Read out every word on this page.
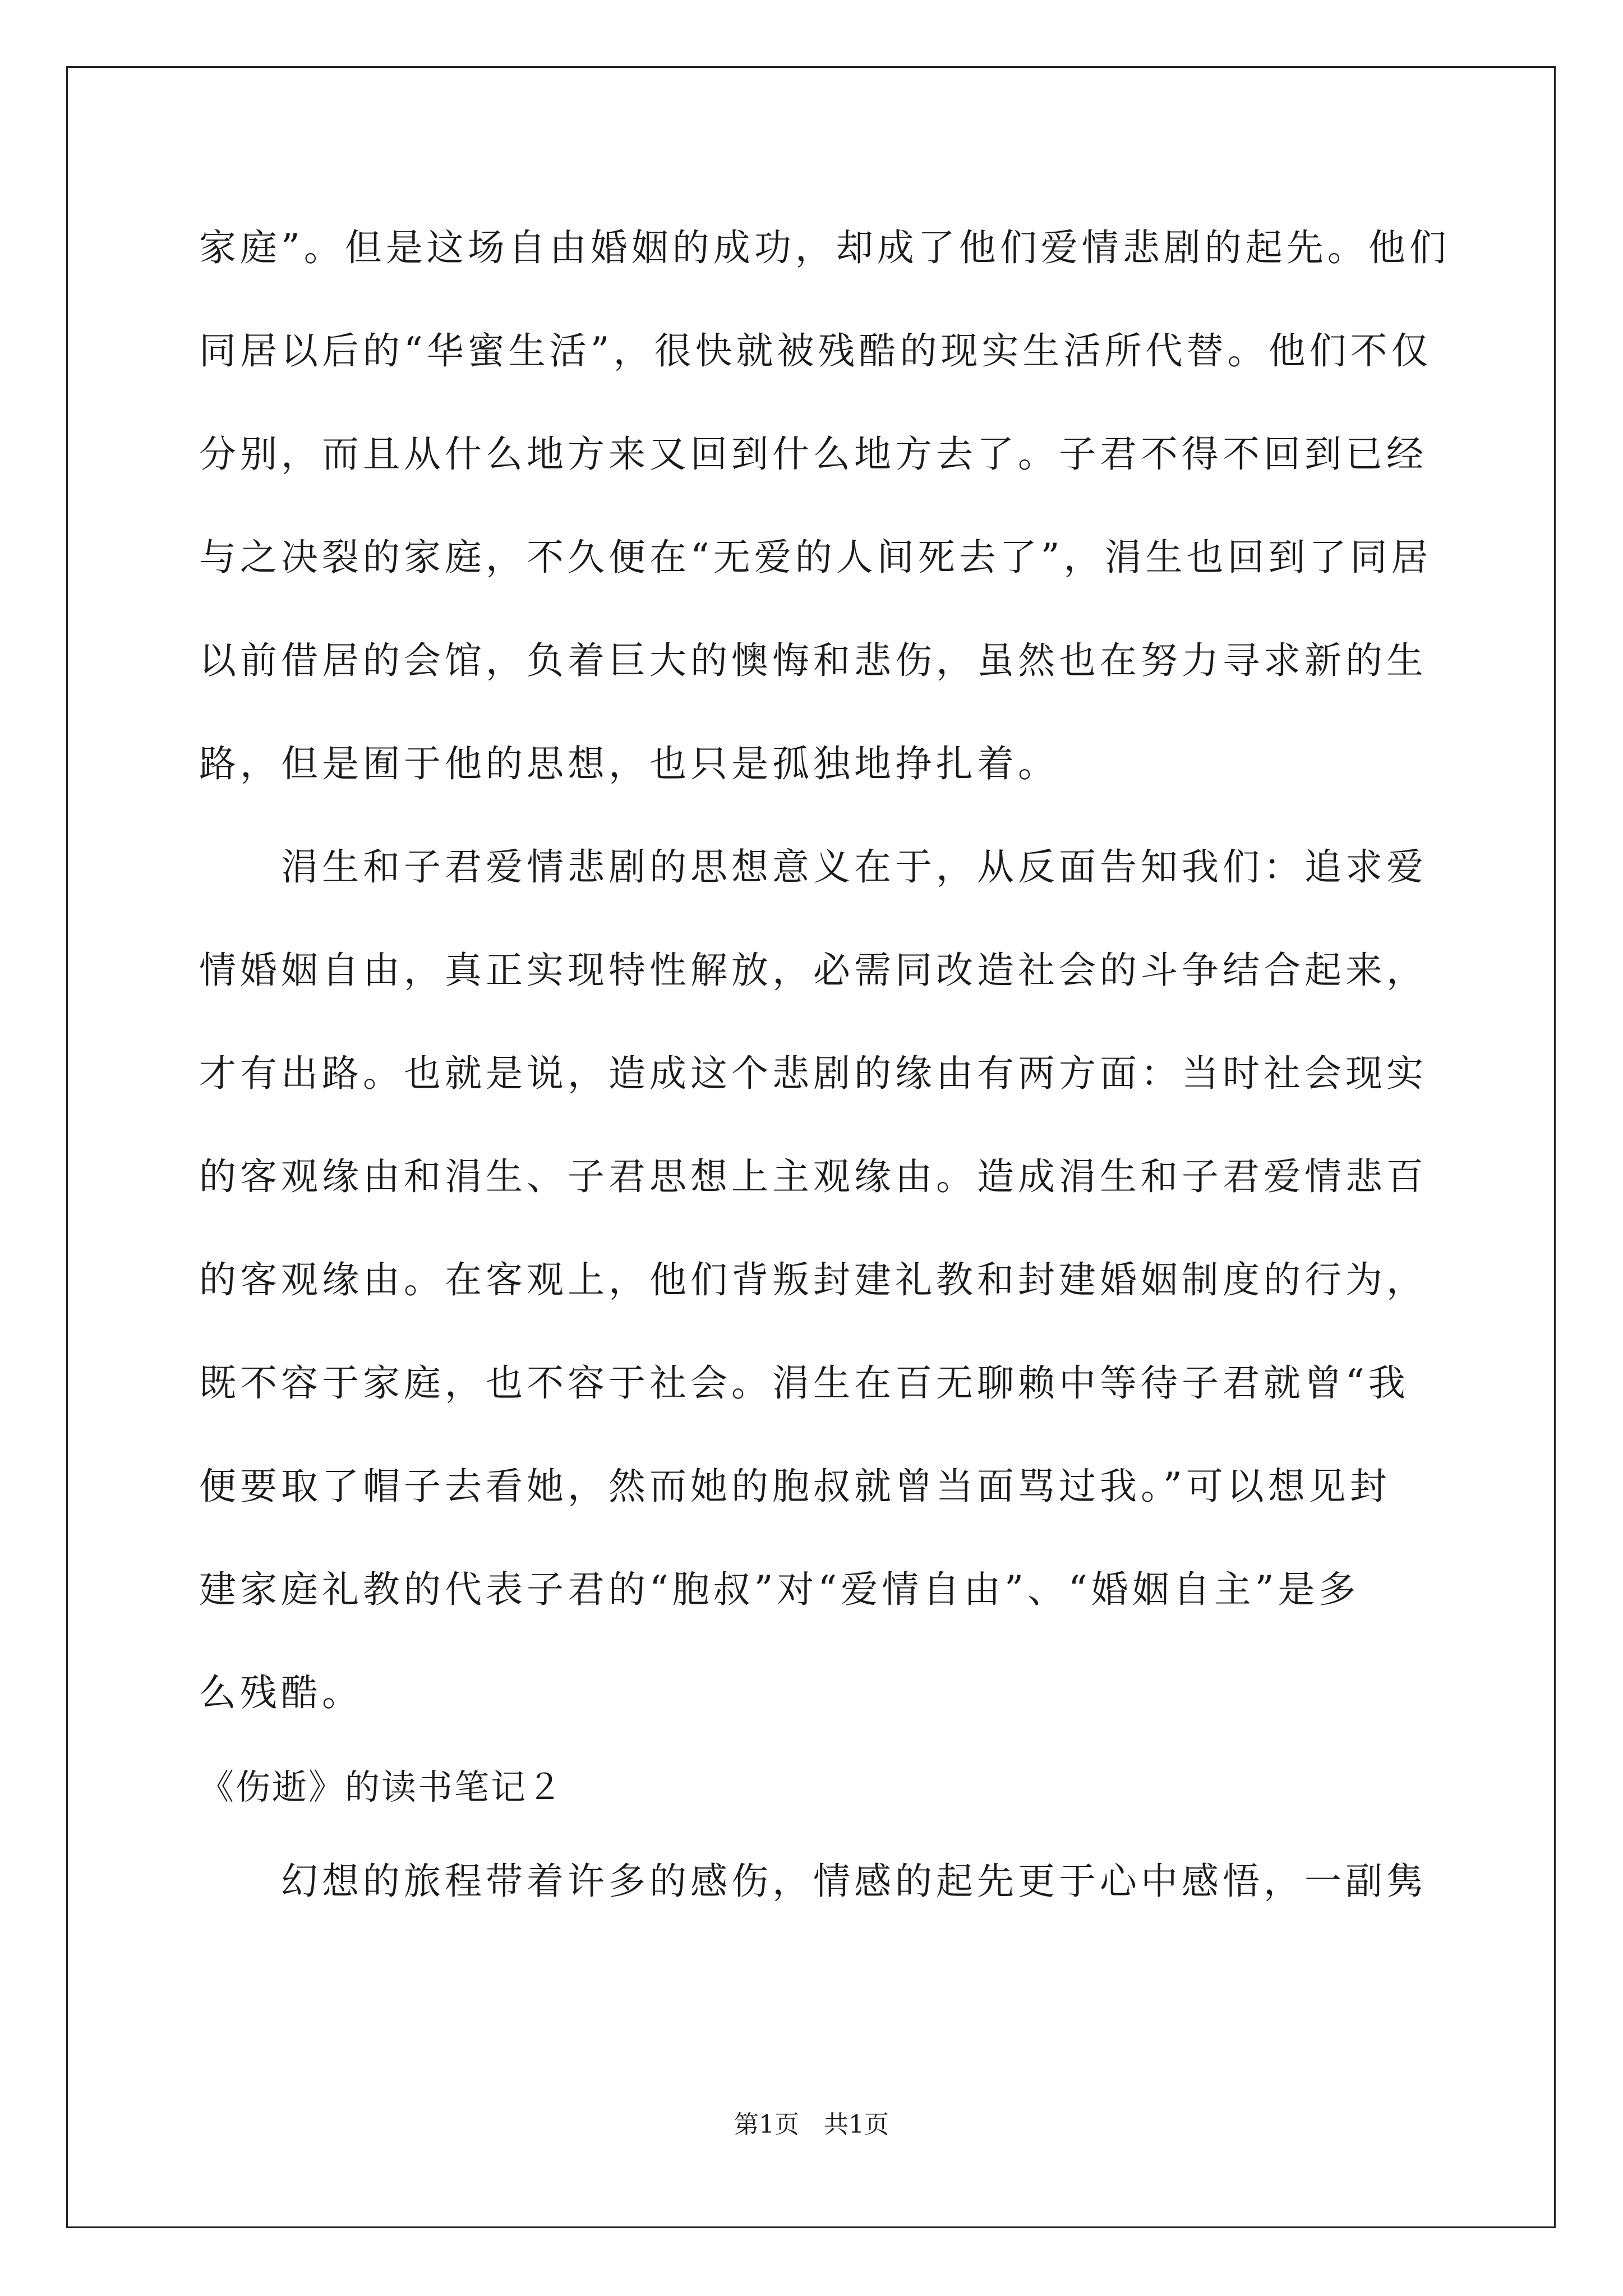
家庭”。但是这场自由婚姻的成功，却成了他们爱情悲剧的起先。他们
同居以后的“华蜜生活”，很快就被残酷的现实生活所代替。他们不仅
分别，而且从什么地方来又回到什么地方去了。子君不得不回到已经
与之决裂的家庭，不久便在“无爱的人间死去了”，涓生也回到了同居
以前借居的会馆，负着巨大的懊悔和悲伤，虽然也在努力寻求新的生
路，但是囿于他的思想，也只是孤独地挣扎着。
　　涓生和子君爱情悲剧的思想意义在于，从反面告知我们：追求爱
情婚姻自由，真正实现特性解放，必需同改造社会的斗争结合起来，
才有出路。也就是说，造成这个悲剧的缘由有两方面：当时社会现实
的客观缘由和涓生、子君思想上主观缘由。造成涓生和子君爱情悲百
的客观缘由。在客观上，他们背叛封建礼教和封建婚姻制度的行为，
既不容于家庭，也不容于社会。涓生在百无聊赖中等待子君就曾“我
便要取了帽子去看她，然而她的胞叔就曾当面骂过我。”可以想见封
建家庭礼教的代表子君的“胞叔”对“爱情自由”、“婚姻自主”是多
么残酷。
《伤逝》的读书笔记２
　　幻想的旅程带着许多的感伤，情感的起先更于心中感悟，一副隽
第1页　共1页
